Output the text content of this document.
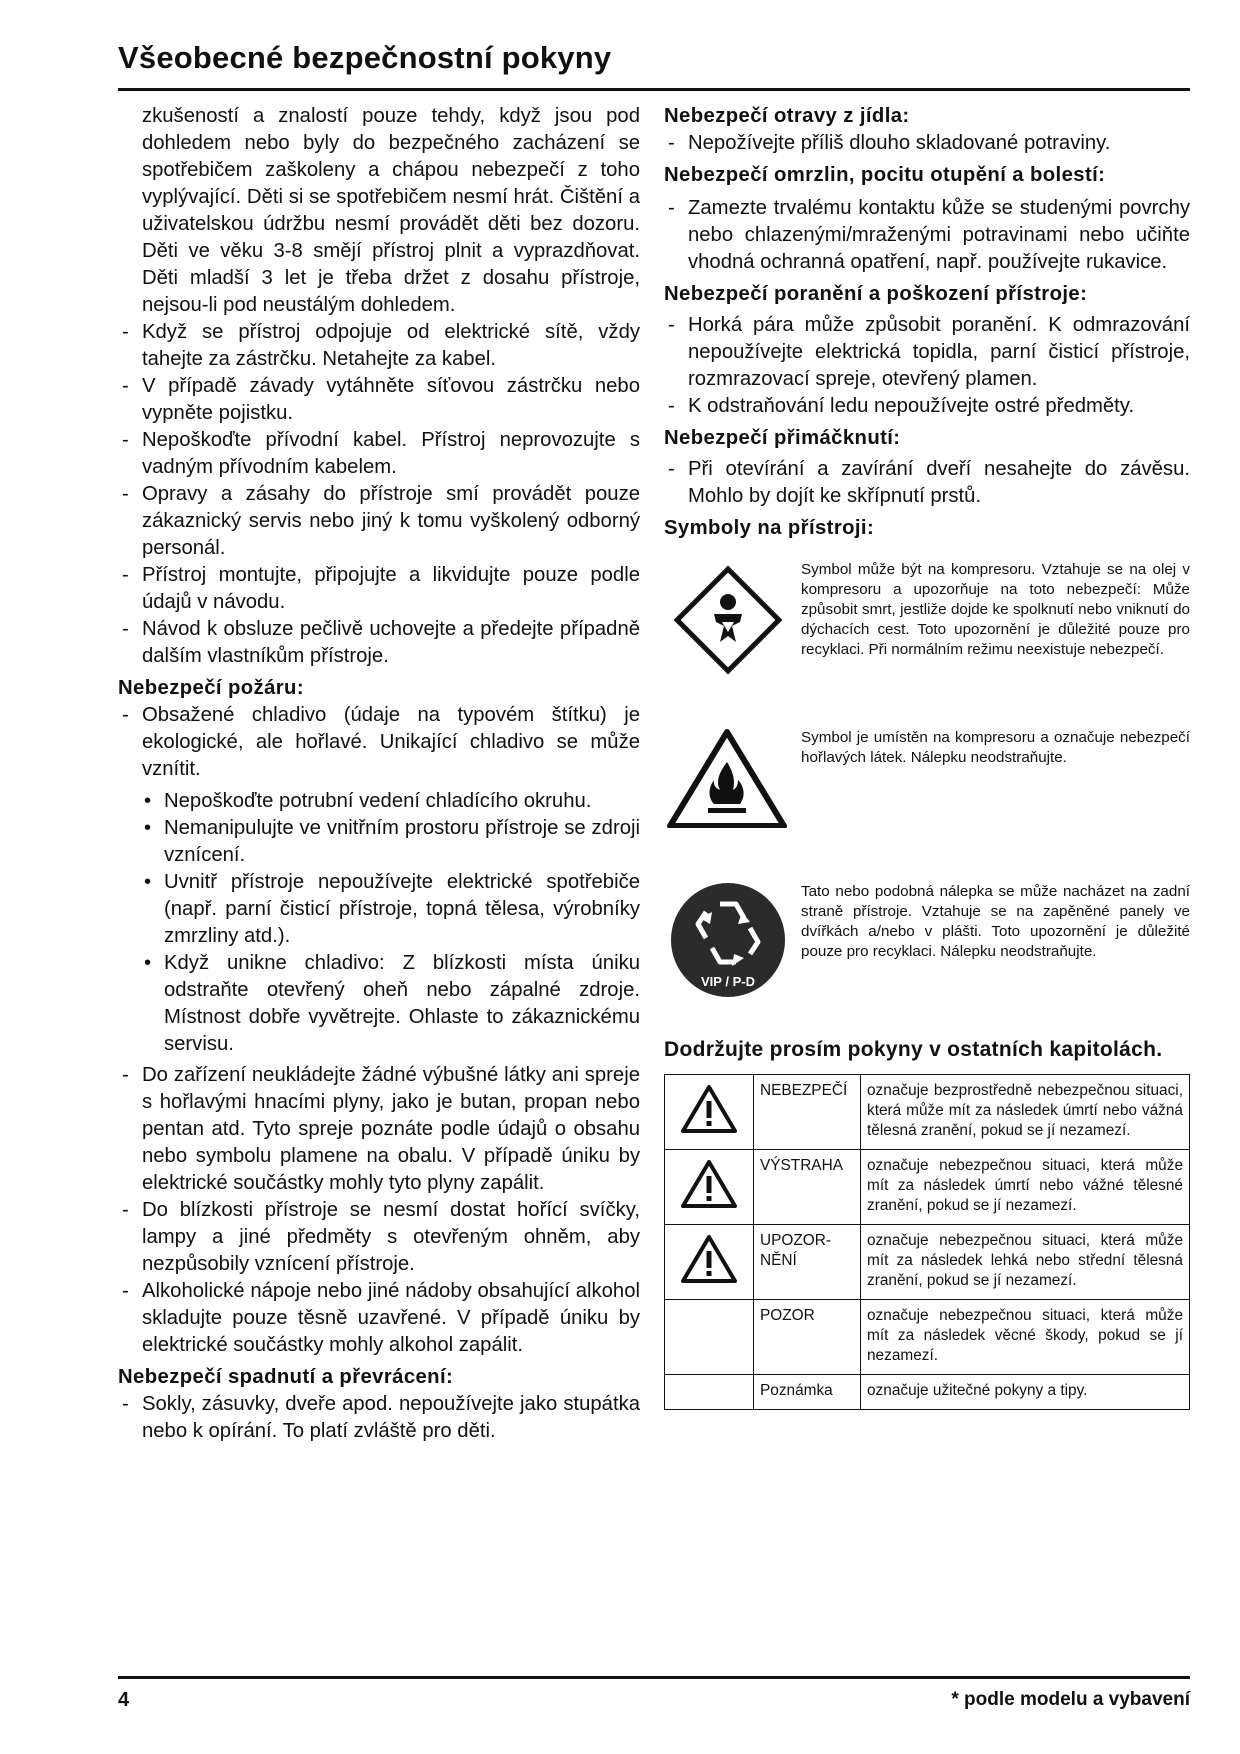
Všeobecné bezpečnostní pokyny

zkušeností a znalostí pouze tehdy, když jsou pod dohledem nebo byly do bezpečného zacházení se spotřebičem zaškoleny a chápou nebezpečí z toho vyplývající. Děti si se spotřebičem nesmí hrát. Čištění a uživatelskou údržbu nesmí provádět děti bez dozoru. Děti ve věku 3-8 smějí přístroj plnit a vyprazdňovat. Děti mladší 3 let je třeba držet z dosahu přístroje, nejsou-li pod neustálým dohledem.

- Když se přístroj odpojuje od elektrické sítě, vždy tahejte za zástrčku. Netahejte za kabel.
- V případě závady vytáhněte síťovou zástrčku nebo vypněte pojistku.
- Nepoškoďte přívodní kabel. Přístroj neprovozujte s vadným přívodním kabelem.
- Opravy a zásahy do přístroje smí provádět pouze zákaznický servis nebo jiný k tomu vyškolený odborný personál.
- Přístroj montujte, připojujte a likvidujte pouze podle údajů v návodu.
- Návod k obsluze pečlivě uchovejte a předejte případně dalším vlastníkům přístroje.
Nebezpečí požáru:
- Obsažené chladivo (údaje na typovém štítku) je ekologické, ale hořlavé. Unikající chladivo se může vznítit.
• Nepoškoďte potrubní vedení chladícího okruhu.
• Nemanipulujte ve vnitřním prostoru přístroje se zdroji vznícení.
• Uvnitř přístroje nepoužívejte elektrické spotřebiče (např. parní čisticí přístroje, topná tělesa, výrobníky zmrzliny atd.).
• Když unikne chladivo: Z blízkosti místa úniku odstraňte otevřený oheň nebo zápalné zdroje. Místnost dobře vyvětrejte. Ohlaste to zákaznickému servisu.
- Do zařízení neukládejte žádné výbušné látky ani spreje s hořlavými hnacími plyny, jako je butan, propan nebo pentan atd. Tyto spreje poznáte podle údajů o obsahu nebo symbolu plamene na obalu. V případě úniku by elektrické součástky mohly tyto plyny zapálit.
- Do blízkosti přístroje se nesmí dostat hořící svíčky, lampy a jiné předměty s otevřeným ohněm, aby nezpůsobily vznícení přístroje.
- Alkoholické nápoje nebo jiné nádoby obsahující alkohol skladujte pouze těsně uzavřené. V případě úniku by elektrické součástky mohly alkohol zapálit.
Nebezpečí spadnutí a převrácení:
- Sokly, zásuvky, dveře apod. nepoužívejte jako stupátka nebo k opírání. To platí zvláště pro děti.
Nebezpečí otravy z jídla:
- Nepožívejte příliš dlouho skladované potraviny.
Nebezpečí omrzlin, pocitu otupění a bolestí:
- Zamezte trvalému kontaktu kůže se studenými povrchy nebo chlazenými/mraženými potravinami nebo učiňte vhodná ochranná opatření, např. používejte rukavice.
Nebezpečí poranění a poškození přístroje:
- Horká pára může způsobit poranění. K odmrazování nepoužívejte elektrická topidla, parní čisticí přístroje, rozmrazovací spreje, otevřený plamen.
- K odstraňování ledu nepoužívejte ostré předměty.
Nebezpečí přimáčknutí:
- Při otevírání a zavírání dveří nesahejte do závěsu. Mohlo by dojít ke skřípnutí prstů.
Symboly na přístroji:
Symbol může být na kompresoru. Vztahuje se na olej v kompresoru a upozorňuje na toto nebezpečí: Může způsobit smrt, jestliže dojde ke spolknutí nebo vniknutí do dýchacích cest. Toto upozornění je důležité pouze pro recyklaci. Při normálním režimu neexistuje nebezpečí.
Symbol je umístěn na kompresoru a označuje nebezpečí hořlavých látek. Nálepku neodstraňujte.
VIP / P-D
Tato nebo podobná nálepka se může nacházet na zadní straně přístroje. Vztahuje se na zapěněné panely ve dvířkách a/nebo v plášti. Toto upozornění je důležité pouze pro recyklaci. Nálepku neodstraňujte.
Dodržujte prosím pokyny v ostatních kapitolách.
	NEBEZPEČÍ	označuje bezprostředně nebezpečnou situaci, která může mít za následek úmrtí nebo vážná tělesná zranění, pokud se jí nezamezí.
	VÝSTRAHA	označuje nebezpečnou situaci, která může mít za následek úmrtí nebo vážné tělesné zranění, pokud se jí nezamezí.
	UPOZOR-
NĚNÍ	označuje nebezpečnou situaci, která může mít za následek lehká nebo střední tělesná zranění, pokud se jí nezamezí.
	POZOR	označuje nebezpečnou situaci, která může mít za následek věcné škody, pokud se jí nezamezí.
	Poznámka	označuje užitečné pokyny a tipy.
4	* podle modelu a vybavení
